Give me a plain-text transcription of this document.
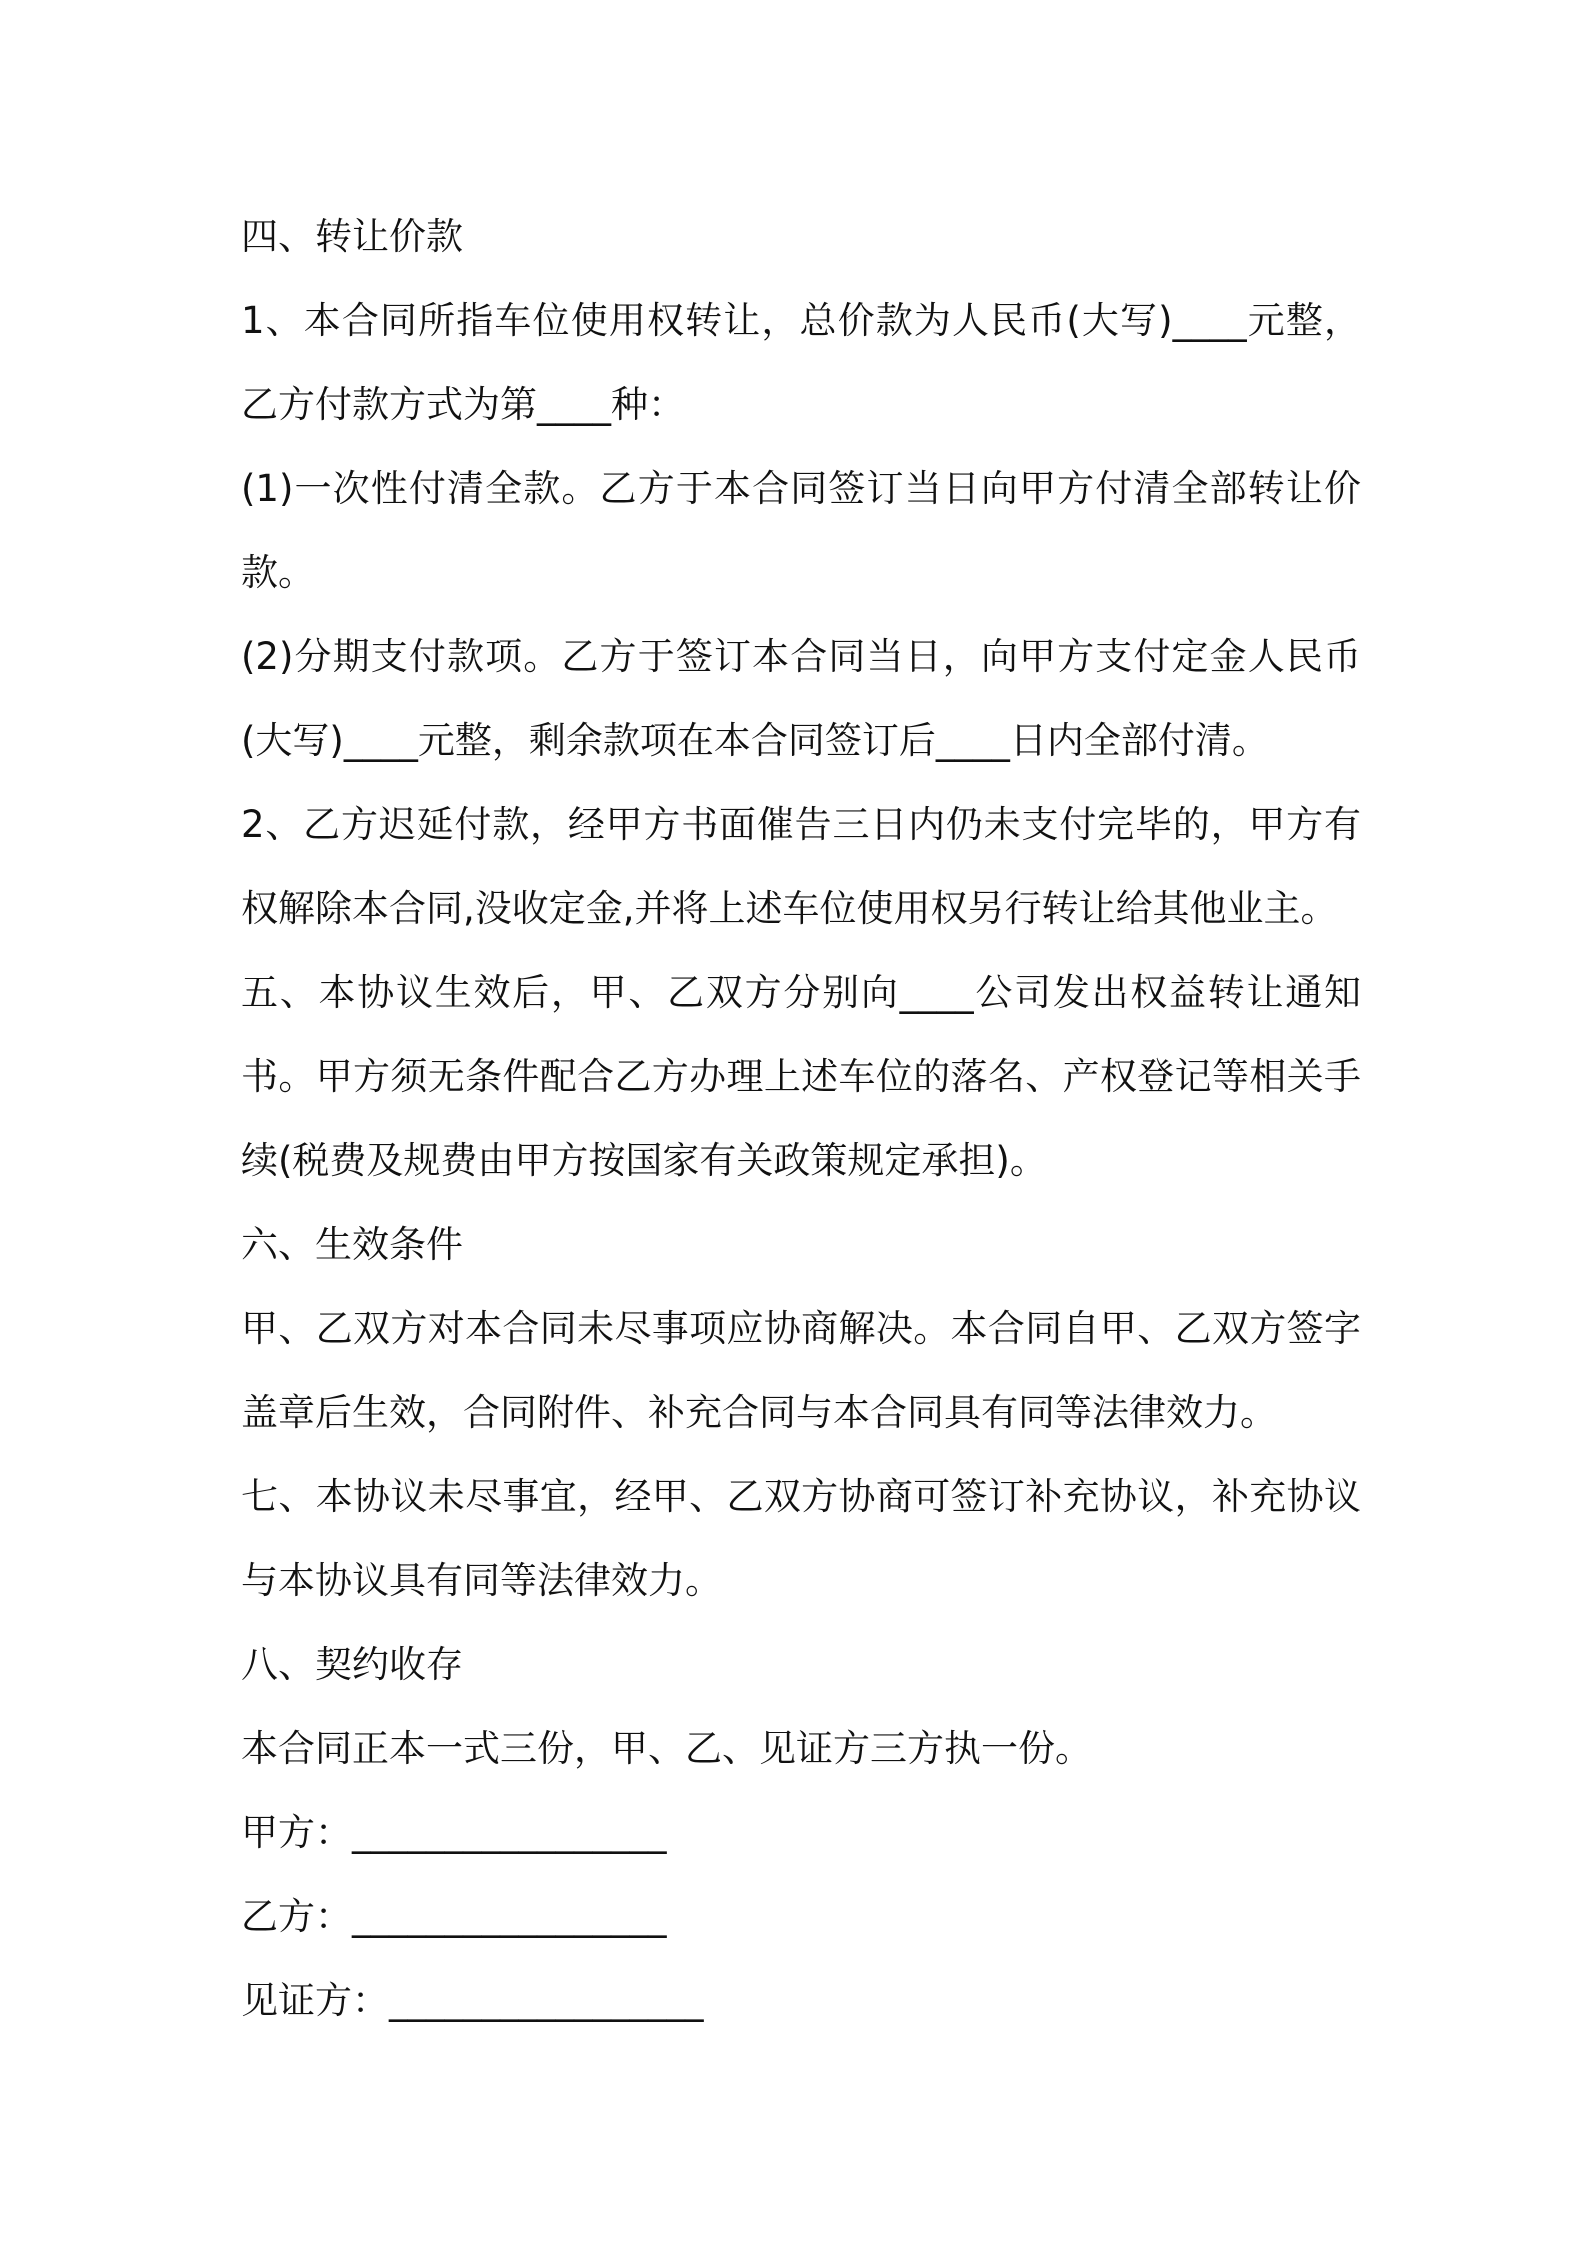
四、转让价款

1、本合同所指车位使用权转让，总价款为人民币(大写)____元整，乙方付款方式为第____种：

(1)一次性付清全款。乙方于本合同签订当日向甲方付清全部转让价款。

(2)分期支付款项。乙方于签订本合同当日，向甲方支付定金人民币(大写)____元整，剩余款项在本合同签订后____日内全部付清。

2、乙方迟延付款，经甲方书面催告三日内仍未支付完毕的，甲方有权解除本合同,没收定金,并将上述车位使用权另行转让给其他业主。

五、本协议生效后，甲、乙双方分别向____公司发出权益转让通知书。甲方须无条件配合乙方办理上述车位的落名、产权登记等相关手续(税费及规费由甲方按国家有关政策规定承担)。

六、生效条件

甲、乙双方对本合同未尽事项应协商解决。本合同自甲、乙双方签字盖章后生效，合同附件、补充合同与本合同具有同等法律效力。

七、本协议未尽事宜，经甲、乙双方协商可签订补充协议，补充协议与本协议具有同等法律效力。

八、契约收存

本合同正本一式三份，甲、乙、见证方三方执一份。

甲方：_________________

乙方：_________________

见证方：_________________
